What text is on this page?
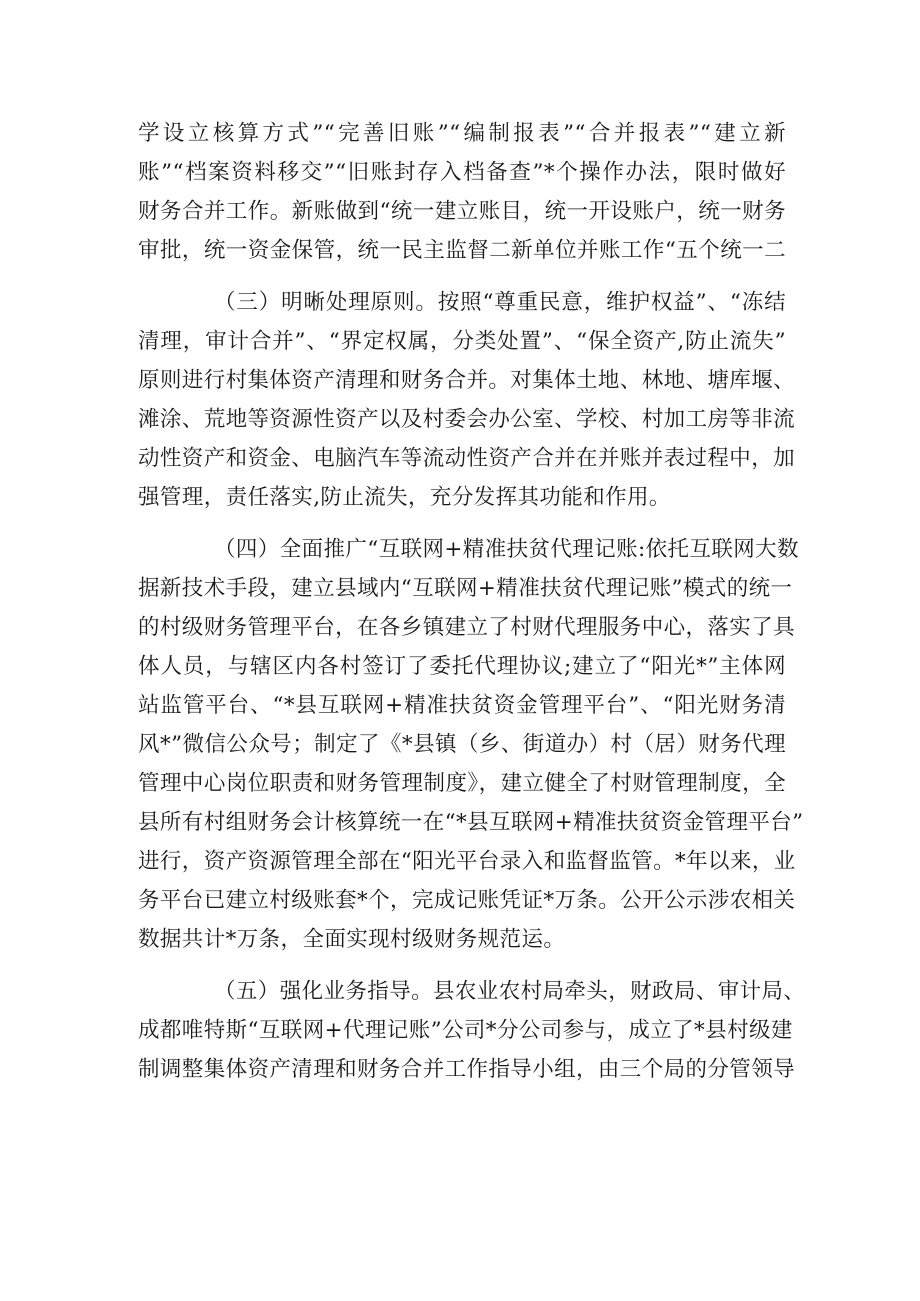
学设立核算方式”“完善旧账”“编制报表”“合并报表”“建立新
账”“档案资料移交”“旧账封存入档备查”*个操作办法，限时做好
财务合并工作。新账做到“统一建立账目，统一开设账户，统一财务
审批，统一资金保管，统一民主监督二新单位并账工作“五个统一二
（三）明晰处理原则。按照“尊重民意，维护权益”、“冻结
清理，审计合并”、“界定权属，分类处置”、“保全资产,防止流失”
原则进行村集体资产清理和财务合并。对集体土地、林地、塘库堰、
滩涂、荒地等资源性资产以及村委会办公室、学校、村加工房等非流
动性资产和资金、电脑汽车等流动性资产合并在并账并表过程中，加
强管理，责任落实,防止流失，充分发挥其功能和作用。
（四）全面推广“互联网+精准扶贫代理记账:依托互联网大数
据新技术手段，建立县域内“互联网+精准扶贫代理记账”模式的统一
的村级财务管理平台，在各乡镇建立了村财代理服务中心，落实了具
体人员，与辖区内各村签订了委托代理协议;建立了“阳光*”主体网
站监管平台、“*县互联网+精准扶贫资金管理平台”、“阳光财务清
风*”微信公众号；制定了《*县镇（乡、街道办）村（居）财务代理
管理中心岗位职责和财务管理制度》，建立健全了村财管理制度，全
县所有村组财务会计核算统一在“*县互联网+精准扶贫资金管理平台”
进行，资产资源管理全部在“阳光平台录入和监督监管。*年以来，业
务平台已建立村级账套*个，完成记账凭证*万条。公开公示涉农相关
数据共计*万条，全面实现村级财务规范运。
（五）强化业务指导。县农业农村局牵头，财政局、审计局、
成都唯特斯“互联网+代理记账”公司*分公司参与，成立了*县村级建
制调整集体资产清理和财务合并工作指导小组，由三个局的分管领导
